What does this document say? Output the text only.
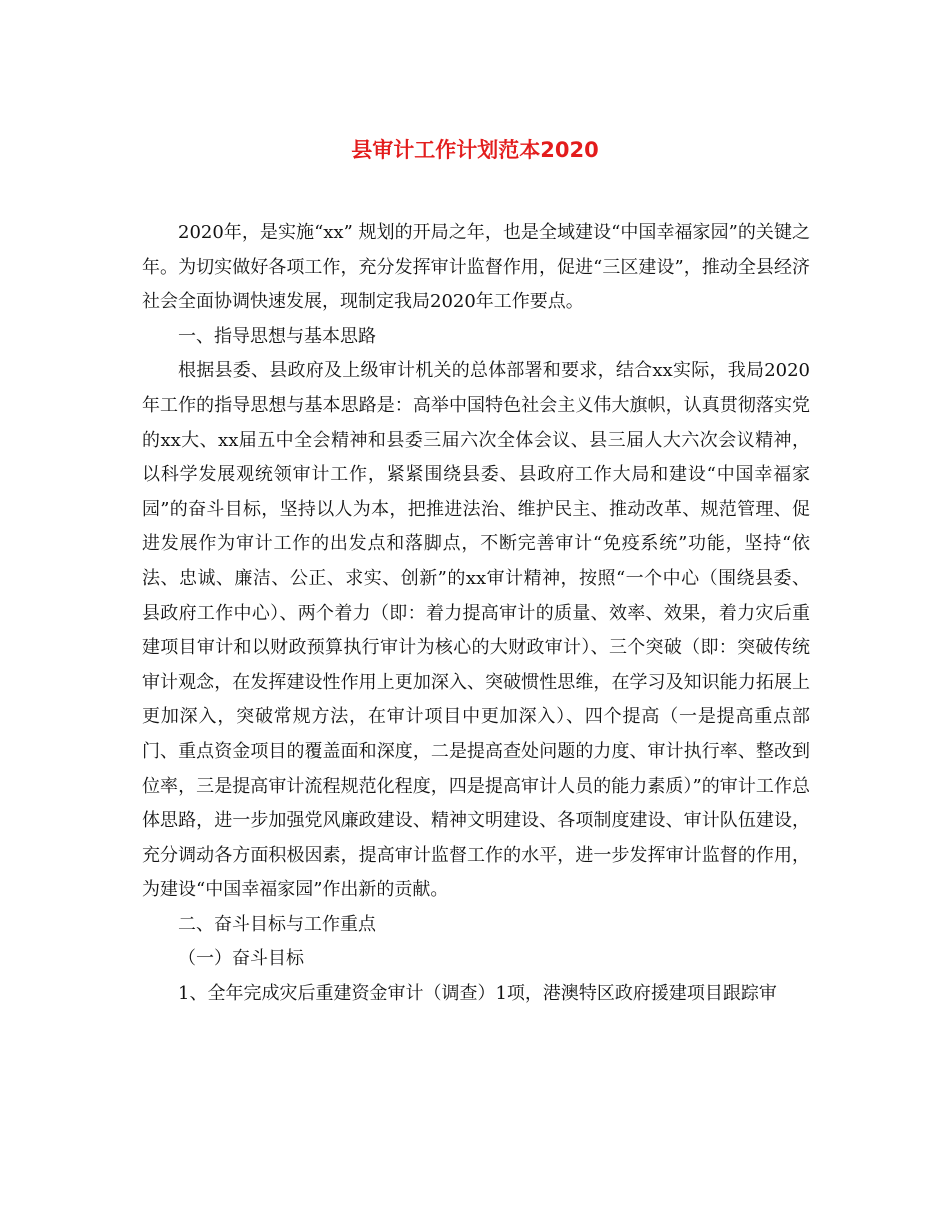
县审计工作计划范本2020

2020年，是实施“xx” 规划的开局之年，也是全域建设“中国幸福家园”的关键之年。为切实做好各项工作，充分发挥审计监督作用，促进“三区建设”，推动全县经济社会全面协调快速发展，现制定我局2020年工作要点。

一、指导思想与基本思路

根据县委、县政府及上级审计机关的总体部署和要求，结合xx实际，我局2020年工作的指导思想与基本思路是：高举中国特色社会主义伟大旗帜，认真贯彻落实党的xx大、xx届五中全会精神和县委三届六次全体会议、县三届人大六次会议精神，以科学发展观统领审计工作，紧紧围绕县委、县政府工作大局和建设“中国幸福家园”的奋斗目标，坚持以人为本，把推进法治、维护民主、推动改革、规范管理、促进发展作为审计工作的出发点和落脚点，不断完善审计“免疫系统”功能，坚持“依法、忠诚、廉洁、公正、求实、创新”的xx审计精神，按照“一个中心（围绕县委、县政府工作中心）、两个着力（即：着力提高审计的质量、效率、效果，着力灾后重建项目审计和以财政预算执行审计为核心的大财政审计）、三个突破（即：突破传统审计观念，在发挥建设性作用上更加深入、突破惯性思维，在学习及知识能力拓展上更加深入，突破常规方法，在审计项目中更加深入）、四个提高（一是提高重点部门、重点资金项目的覆盖面和深度，二是提高查处问题的力度、审计执行率、整改到位率，三是提高审计流程规范化程度，四是提高审计人员的能力素质）”的审计工作总体思路，进一步加强党风廉政建设、精神文明建设、各项制度建设、审计队伍建设，充分调动各方面积极因素，提高审计监督工作的水平，进一步发挥审计监督的作用，为建设“中国幸福家园”作出新的贡献。

二、奋斗目标与工作重点

（一）奋斗目标

1、全年完成灾后重建资金审计（调查）1项，港澳特区政府援建项目跟踪审
